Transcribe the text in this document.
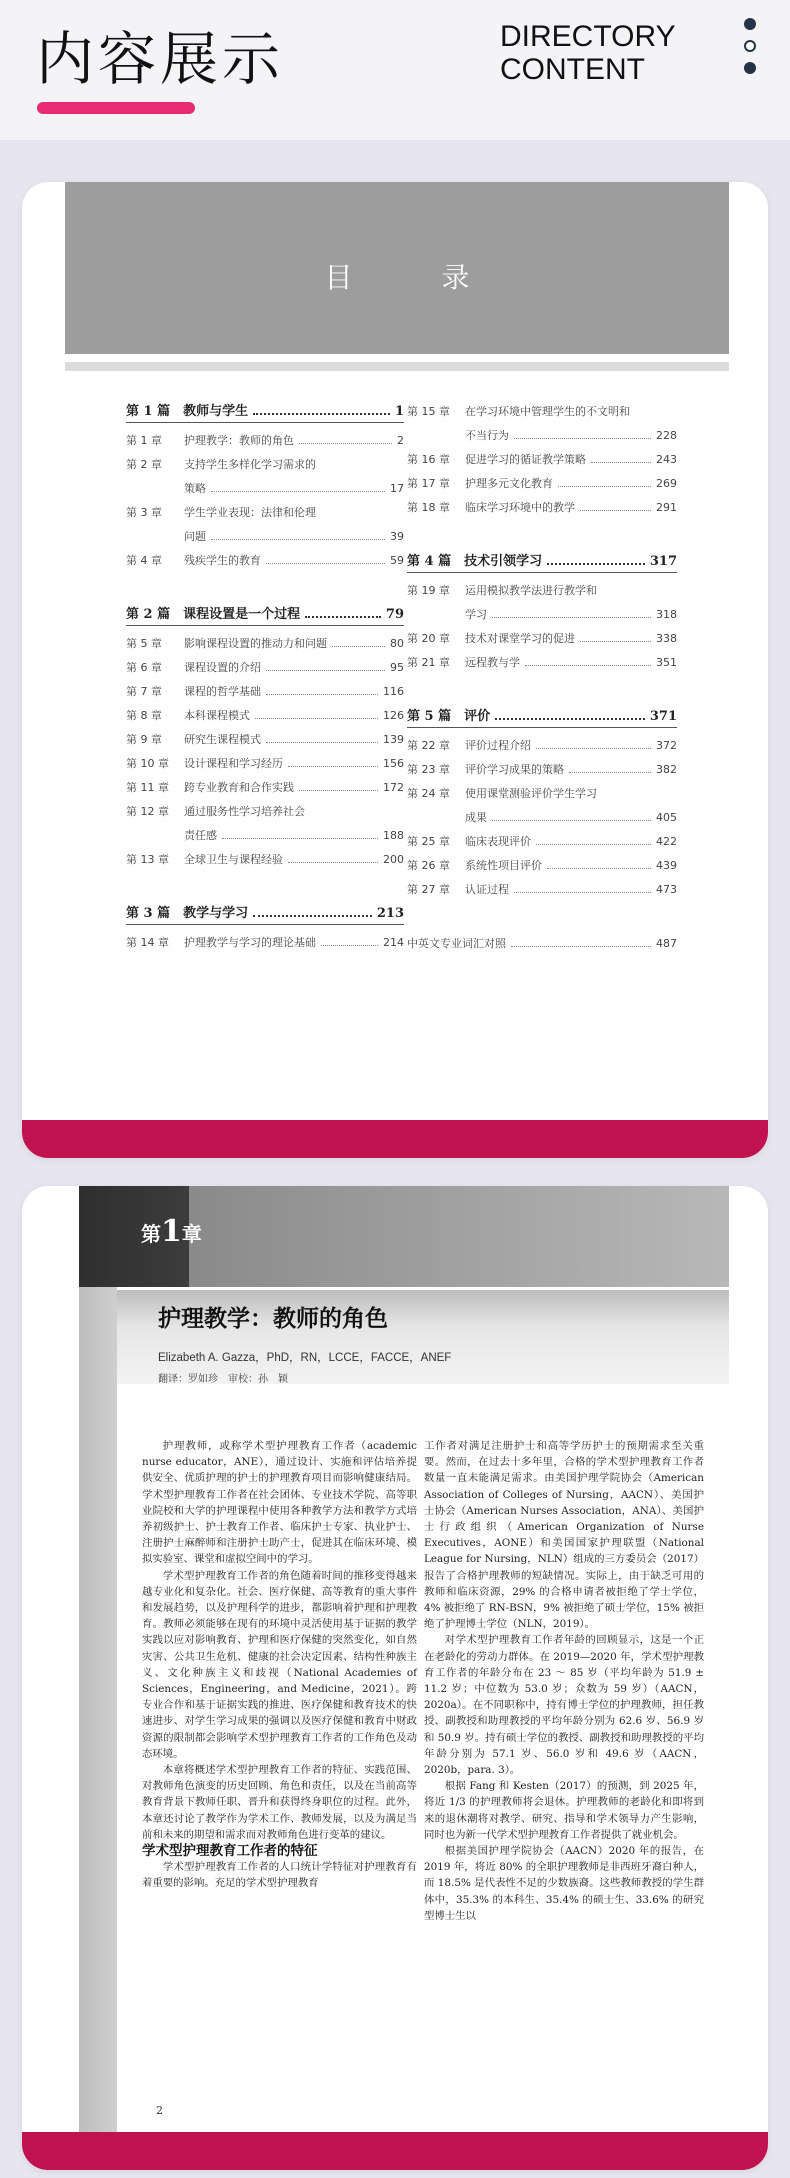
内容展示	DIRECTORY
CONTENT
目 录
第 1 篇　教师与学生	1
第 1 章	护理教学：教师的角色	2
第 2 章	支持学生多样化学习需求的
策略	17
第 3 章	学生学业表现：法律和伦理
问题	39
第 4 章	残疾学生的教育	59
第 2 篇　课程设置是一个过程	79
第 5 章	影响课程设置的推动力和问题	80
第 6 章	课程设置的介绍	95
第 7 章	课程的哲学基础	116
第 8 章	本科课程模式	126
第 9 章	研究生课程模式	139
第 10 章	设计课程和学习经历	156
第 11 章	跨专业教育和合作实践	172
第 12 章	通过服务性学习培养社会
责任感	188
第 13 章	全球卫生与课程经验	200
第 3 篇　教学与学习	213
第 14 章	护理教学与学习的理论基础	214
第 15 章	在学习环境中管理学生的不文明和
不当行为	228
第 16 章	促进学习的循证教学策略	243
第 17 章	护理多元文化教育	269
第 18 章	临床学习环境中的教学	291
第 4 篇　技术引领学习	317
第 19 章	运用模拟教学法进行教学和
学习	318
第 20 章	技术对课堂学习的促进	338
第 21 章	远程教与学	351
第 5 篇　评价	371
第 22 章	评价过程介绍	372
第 23 章	评价学习成果的策略	382
第 24 章	使用课堂测验评价学生学习
成果	405
第 25 章	临床表现评价	422
第 26 章	系统性项目评价	439
第 27 章	认证过程	473
中英文专业词汇对照	487
第1章
护理教学：教师的角色
Elizabeth A. Gazza，PhD，RN，LCCE，FACCE，ANEF
翻译：罗如珍　审校：孙　颖

护理教师，或称学术型护理教育工作者（academic nurse educator，ANE），通过设计、实施和评估培养提供安全、优质护理的护士的护理教育项目而影响健康结局。学术型护理教育工作者在社会团体、专业技术学院、高等职业院校和大学的护理课程中使用各种教学方法和教学方式培养初级护士、护士教育工作者、临床护士专家、执业护士、注册护士麻醉师和注册护士助产士，促进其在临床环境、模拟实验室、课堂和虚拟空间中的学习。

学术型护理教育工作者的角色随着时间的推移变得越来越专业化和复杂化。社会、医疗保健、高等教育的重大事件和发展趋势，以及护理科学的进步，都影响着护理和护理教育。教师必须能够在现有的环境中灵活使用基于证据的教学实践以应对影响教育、护理和医疗保健的突然变化，如自然灾害、公共卫生危机、健康的社会决定因素、结构性种族主义、文化种族主义和歧视（National Academies of Sciences，Engineering，and Medicine，2021）。跨专业合作和基于证据实践的推进、医疗保健和教育技术的快速进步、对学生学习成果的强调以及医疗保健和教育中财政资源的限制都会影响学术型护理教育工作者的工作角色及动态环境。

本章将概述学术型护理教育工作者的特征、实践范围、对教师角色演变的历史回顾、角色和责任，以及在当前高等教育背景下教师任职、晋升和获得终身职位的过程。此外，本章还讨论了教学作为学术工作、教师发展，以及为满足当前和未来的期望和需求而对教师角色进行变革的建议。

学术型护理教育工作者的特征

学术型护理教育工作者的人口统计学特征对护理教育有着重要的影响。充足的学术型护理教育

工作者对满足注册护士和高等学历护士的预期需求至关重要。然而，在过去十多年里，合格的学术型护理教育工作者数量一直未能满足需求。由美国护理学院协会（American Association of Colleges of Nursing，AACN）、美国护士协会（American Nurses Association，ANA）、美国护士行政组织（American Organization of Nurse Executives，AONE）和美国国家护理联盟（National League for Nursing，NLN）组成的三方委员会（2017）报告了合格护理教师的短缺情况。实际上，由于缺乏可用的教师和临床资源，29% 的合格申请者被拒绝了学士学位，4% 被拒绝了 RN-BSN，9% 被拒绝了硕士学位，15% 被拒绝了护理博士学位（NLN，2019）。

对学术型护理教育工作者年龄的回顾显示，这是一个正在老龄化的劳动力群体。在 2019—2020 年，学术型护理教育工作者的年龄分布在 23 ～ 85 岁（平均年龄为 51.9 ± 11.2 岁；中位数为 53.0 岁；众数为 59 岁）（AACN，2020a）。在不同职称中，持有博士学位的护理教师，担任教授、副教授和助理教授的平均年龄分别为 62.6 岁、56.9 岁和 50.9 岁。持有硕士学位的教授、副教授和助理教授的平均年龄分别为 57.1 岁、56.0 岁和 49.6 岁（AACN，2020b，para. 3）。

根据 Fang 和 Kesten（2017）的预测，到 2025 年，将近 1/3 的护理教师将会退休。护理教师的老龄化和即将到来的退休潮将对教学、研究、指导和学术领导力产生影响，同时也为新一代学术型护理教育工作者提供了就业机会。

根据美国护理学院协会（AACN）2020 年的报告，在 2019 年，将近 80% 的全职护理教师是非西班牙裔白种人，而 18.5% 是代表性不足的少数族裔。这些教师教授的学生群体中，35.3% 的本科生、35.4% 的硕士生、33.6% 的研究型博士生以

2
